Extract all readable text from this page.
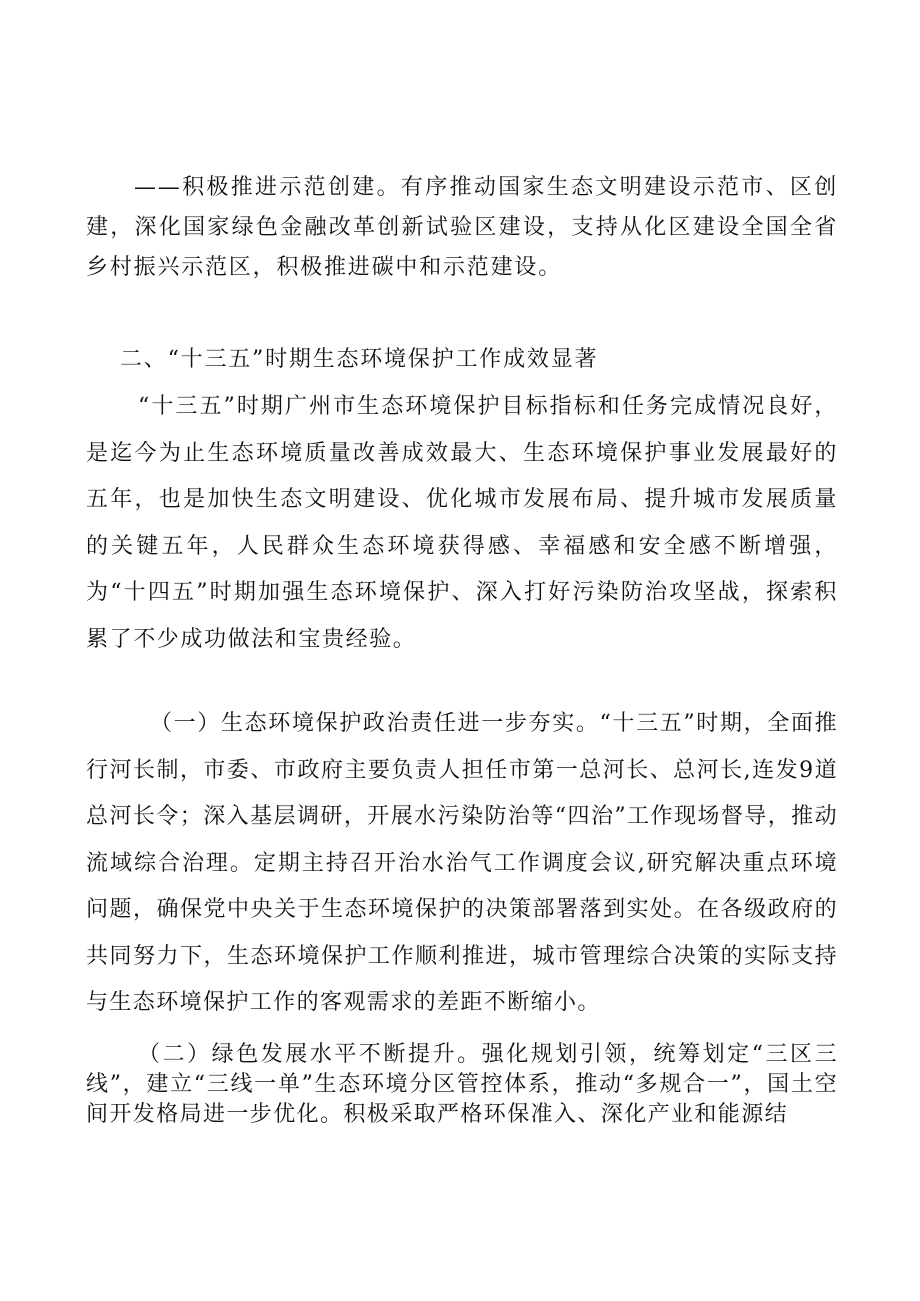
——积极推进示范创建。有序推动国家生态文明建设示范市、区创建，深化国家绿色金融改革创新试验区建设，支持从化区建设全国全省乡村振兴示范区，积极推进碳中和示范建设。

二、“十三五”时期生态环境保护工作成效显著

“十三五”时期广州市生态环境保护目标指标和任务完成情况良好，是迄今为止生态环境质量改善成效最大、生态环境保护事业发展最好的五年，也是加快生态文明建设、优化城市发展布局、提升城市发展质量的关键五年，人民群众生态环境获得感、幸福感和安全感不断增强，为“十四五”时期加强生态环境保护、深入打好污染防治攻坚战，探索积累了不少成功做法和宝贵经验。

（一）生态环境保护政治责任进一步夯实。“十三五”时期，全面推行河长制，市委、市政府主要负责人担任市第一总河长、总河长,连发9道总河长令；深入基层调研，开展水污染防治等“四治”工作现场督导，推动流域综合治理。定期主持召开治水治气工作调度会议,研究解决重点环境问题，确保党中央关于生态环境保护的决策部署落到实处。在各级政府的共同努力下，生态环境保护工作顺利推进，城市管理综合决策的实际支持与生态环境保护工作的客观需求的差距不断缩小。

（二）绿色发展水平不断提升。强化规划引领，统筹划定“三区三线”，建立“三线一单”生态环境分区管控体系，推动“多规合一”，国土空间开发格局进一步优化。积极采取严格环保准入、深化产业和能源结
